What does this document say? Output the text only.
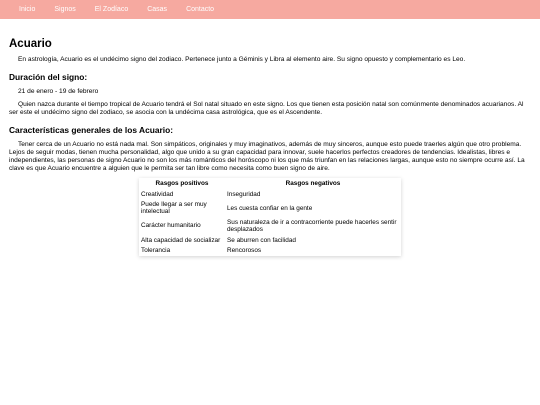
Inicio	Signos	El Zodíaco	Casas	Contacto
Acuario

En astrología, Acuario es el undécimo signo del zodiaco. Pertenece junto a Géminis y Libra al elemento aire. Su signo opuesto y complementario es Leo.

Duración del signo:

21 de enero - 19 de febrero

Quien nazca durante el tiempo tropical de Acuario tendrá el Sol natal situado en este signo. Los que tienen esta posición natal son comúnmente denominados acuarianos. Al ser este el undécimo signo del zodiaco, se asocia con la undécima casa astrológica, que es el Ascendente.

Características generales de los Acuario:

Tener cerca de un Acuario no está nada mal. Son simpáticos, originales y muy imaginativos, además de muy sinceros, aunque esto puede traerles algún que otro problema. Lejos de seguir modas, tienen mucha personalidad, algo que unido a su gran capacidad para innovar, suele hacerlos perfectos creadores de tendencias. Idealistas, libres e independientes, las personas de signo Acuario no son los más románticos del horóscopo ni los que más triunfan en las relaciones largas, aunque esto no siempre ocurre así. La clave es que Acuario encuentre a alguien que le permita ser tan libre como necesita como buen signo de aire.

Rasgos positivos	Rasgos negativos
Creatividad	Inseguridad
Puede llegar a ser muy intelectual	Les cuesta confiar en la gente
Carácter humanitario	Sus naturaleza de ir a contracorriente puede hacerles sentir desplazados
Alta capacidad de socializar	Se aburren con facilidad
Tolerancia	Rencorosos
